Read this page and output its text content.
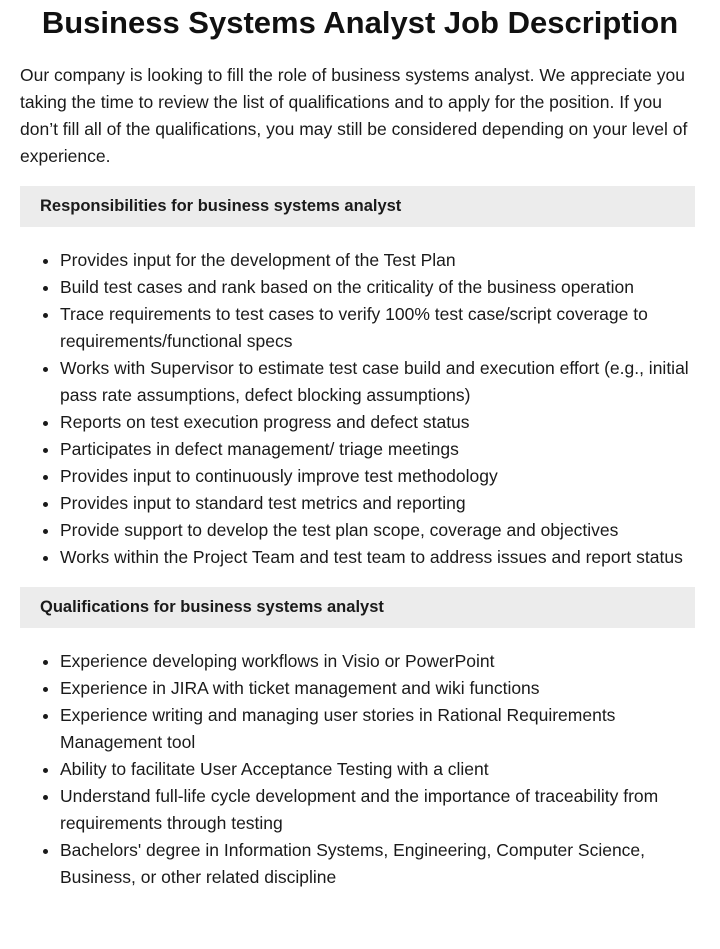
Business Systems Analyst Job Description

Our company is looking to fill the role of business systems analyst. We appreciate you taking the time to review the list of qualifications and to apply for the position. If you don’t fill all of the qualifications, you may still be considered depending on your level of experience.

Responsibilities for business systems analyst
• Provides input for the development of the Test Plan
• Build test cases and rank based on the criticality of the business operation
• Trace requirements to test cases to verify 100% test case/script coverage to requirements/functional specs
• Works with Supervisor to estimate test case build and execution effort (e.g., initial pass rate assumptions, defect blocking assumptions)
• Reports on test execution progress and defect status
• Participates in defect management/ triage meetings
• Provides input to continuously improve test methodology
• Provides input to standard test metrics and reporting
• Provide support to develop the test plan scope, coverage and objectives
• Works within the Project Team and test team to address issues and report status
Qualifications for business systems analyst
• Experience developing workflows in Visio or PowerPoint
• Experience in JIRA with ticket management and wiki functions
• Experience writing and managing user stories in Rational Requirements Management tool
• Ability to facilitate User Acceptance Testing with a client
• Understand full-life cycle development and the importance of traceability from requirements through testing
• Bachelors' degree in Information Systems, Engineering, Computer Science, Business, or other related discipline
